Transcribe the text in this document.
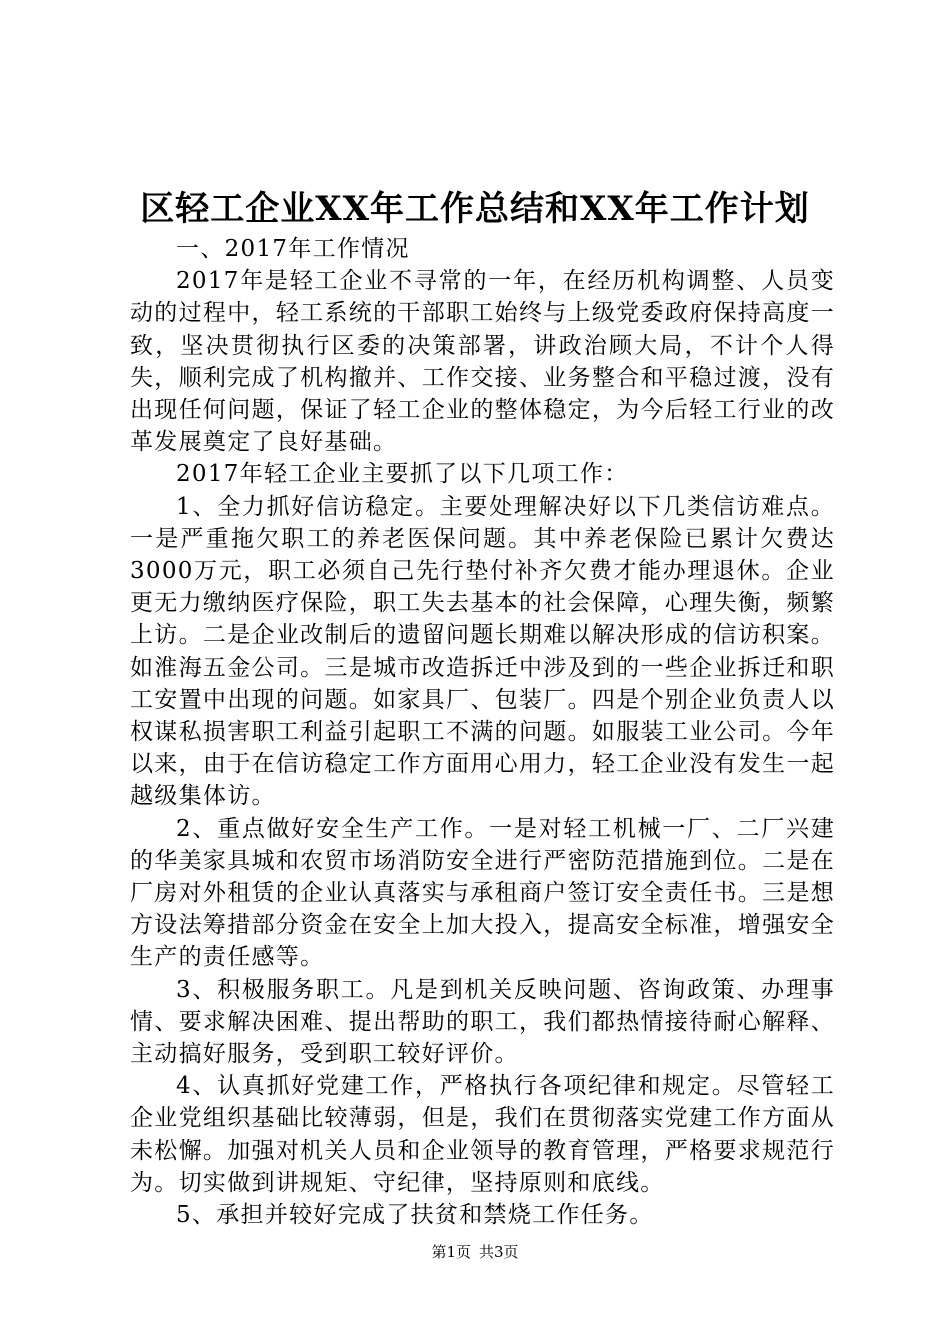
区轻工企业XX年工作总结和XX年工作计划

一、2017年工作情况

2017年是轻工企业不寻常的一年，在经历机构调整、人员变动的过程中，轻工系统的干部职工始终与上级党委政府保持高度一致，坚决贯彻执行区委的决策部署，讲政治顾大局，不计个人得失，顺利完成了机构撤并、工作交接、业务整合和平稳过渡，没有出现任何问题，保证了轻工企业的整体稳定，为今后轻工行业的改革发展奠定了良好基础。

2017年轻工企业主要抓了以下几项工作：

1、全力抓好信访稳定。主要处理解决好以下几类信访难点。一是严重拖欠职工的养老医保问题。其中养老保险已累计欠费达3000万元，职工必须自己先行垫付补齐欠费才能办理退休。企业更无力缴纳医疗保险，职工失去基本的社会保障，心理失衡，频繁上访。二是企业改制后的遗留问题长期难以解决形成的信访积案。如淮海五金公司。三是城市改造拆迁中涉及到的一些企业拆迁和职工安置中出现的问题。如家具厂、包装厂。四是个别企业负责人以权谋私损害职工利益引起职工不满的问题。如服装工业公司。今年以来，由于在信访稳定工作方面用心用力，轻工企业没有发生一起越级集体访。

2、重点做好安全生产工作。一是对轻工机械一厂、二厂兴建的华美家具城和农贸市场消防安全进行严密防范措施到位。二是在厂房对外租赁的企业认真落实与承租商户签订安全责任书。三是想方设法筹措部分资金在安全上加大投入，提高安全标准，增强安全生产的责任感等。

3、积极服务职工。凡是到机关反映问题、咨询政策、办理事情、要求解决困难、提出帮助的职工，我们都热情接待耐心解释、主动搞好服务，受到职工较好评价。

4、认真抓好党建工作，严格执行各项纪律和规定。尽管轻工企业党组织基础比较薄弱，但是，我们在贯彻落实党建工作方面从未松懈。加强对机关人员和企业领导的教育管理，严格要求规范行为。切实做到讲规矩、守纪律，坚持原则和底线。

5、承担并较好完成了扶贫和禁烧工作任务。

第1页 共3页
